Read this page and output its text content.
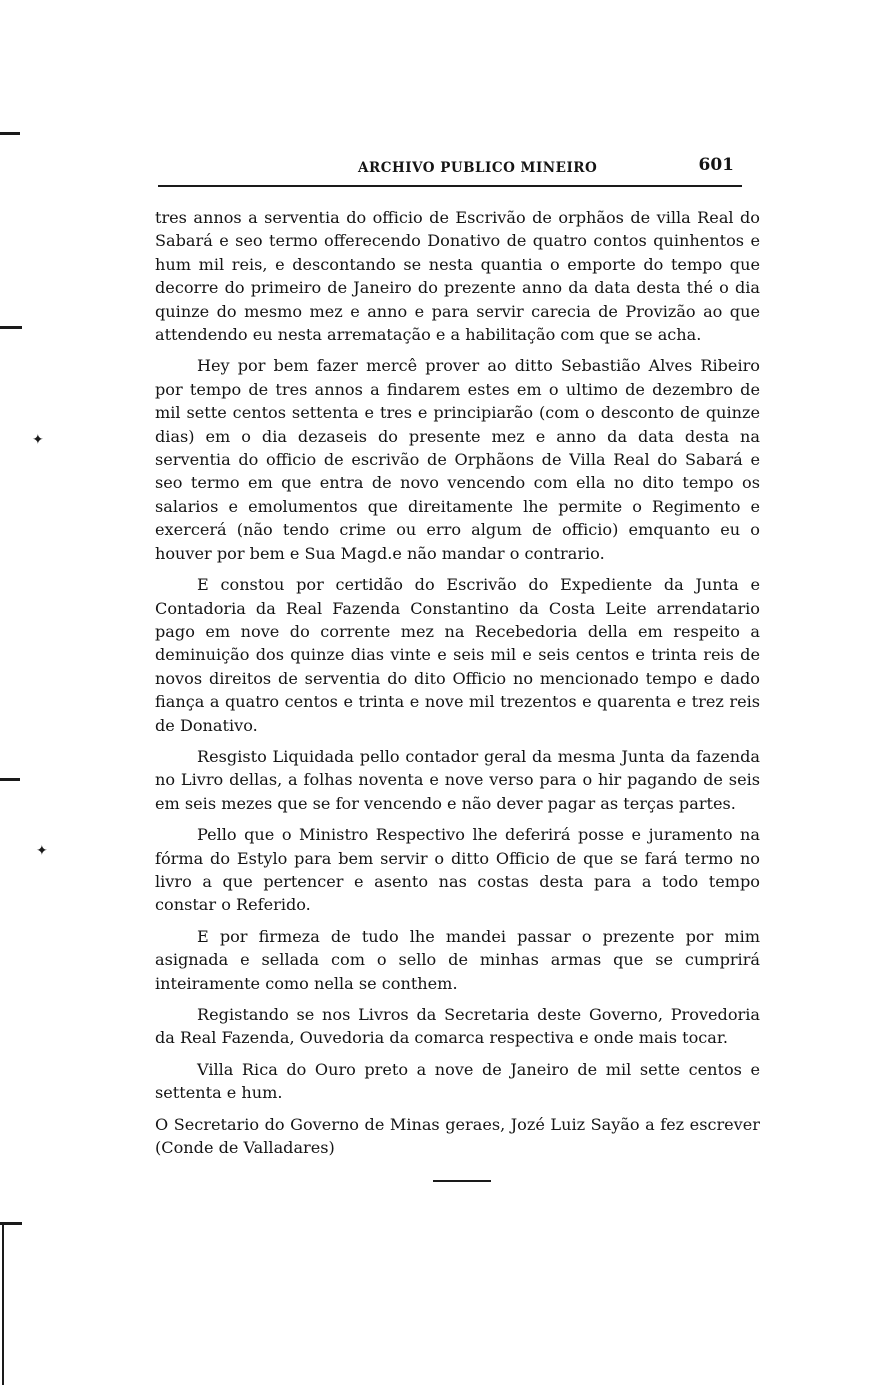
✦
✦
ARCHIVO PUBLICO MINEIRO	601

tres annos a serventia do officio de Escrivão de orphãos de villa Real do Sabará e seo termo offerecendo Donativo de quatro contos quinhentos e hum mil reis, e descontando se nesta quantia o emporte do tempo que decorre do primeiro de Janeiro do prezente anno da data desta thé o dia quinze do mesmo mez e anno e para servir carecia de Provizão ao que attendendo eu nesta arrematação e a habilitação com que se acha.

Hey por bem fazer mercê prover ao ditto Sebastião Alves Ribeiro por tempo de tres annos a findarem estes em o ultimo de dezembro de mil sette centos settenta e tres e principiarão (com o desconto de quinze dias) em o dia dezaseis do presente mez e anno da data desta na serventia do officio de escrivão de Orphãons de Villa Real do Sabará e seo termo em que entra de novo vencendo com ella no dito tempo os salarios e emolumentos que direitamente lhe permite o Regimento e exercerá (não tendo crime ou erro algum de officio) emquanto eu o houver por bem e Sua Magd.e não mandar o contrario.

E constou por certidão do Escrivão do Expediente da Junta e Contadoria da Real Fazenda Constantino da Costa Leite arrendatario pago em nove do corrente mez na Recebedoria della em respeito a deminuição dos quinze dias vinte e seis mil e seis centos e trinta reis de novos direitos de serventia do dito Officio no mencionado tempo e dado fiança a quatro centos e trinta e nove mil trezentos e quarenta e trez reis de Donativo.

Resgisto Liquidada pello contador geral da mesma Junta da fazenda no Livro dellas, a folhas noventa e nove verso para o hir pagando de seis em seis mezes que se for vencendo e não dever pagar as terças partes.

Pello que o Ministro Respectivo lhe deferirá posse e juramento na fórma do Estylo para bem servir o ditto Officio de que se fará termo no livro a que pertencer e asento nas costas desta para a todo tempo constar o Referido.

E por firmeza de tudo lhe mandei passar o prezente por mim asignada e sellada com o sello de minhas armas que se cumprirá inteiramente como nella se conthem.

Registando se nos Livros da Secretaria deste Governo, Provedoria da Real Fazenda, Ouvedoria da comarca respectiva e onde mais tocar.

Villa Rica do Ouro preto a nove de Janeiro de mil sette centos e settenta e hum.

O Secretario do Governo de Minas geraes, Jozé Luiz Sayão a fez escrever (Conde de Valladares)
